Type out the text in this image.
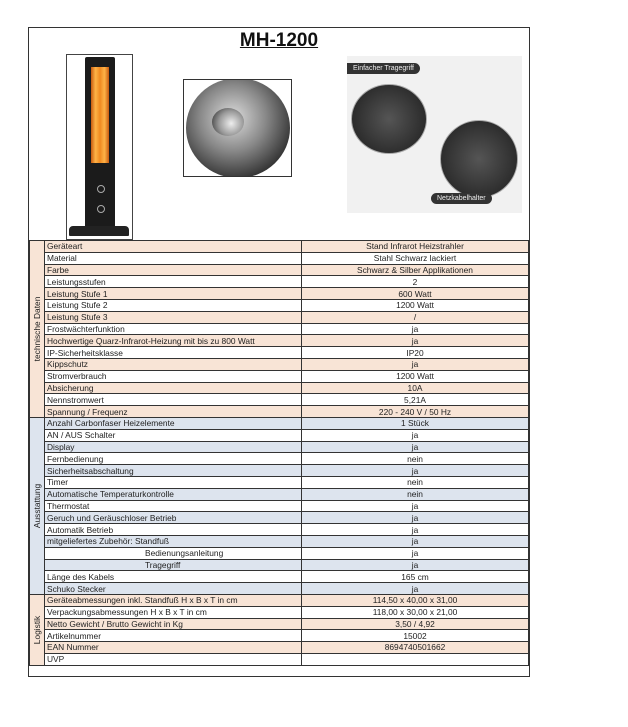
MH-1200
Einfacher Tragegriff
Netzkabelhalter
technische Daten	Geräteart	Stand Infrarot Heizstrahler
	Material	Stahl Schwarz lackiert
	Farbe	Schwarz & Silber Applikationen
	Leistungsstufen	2
	Leistung Stufe 1	600 Watt
	Leistung Stufe 2	1200 Watt
	Leistung Stufe 3	/
	Frostwächterfunktion	ja
	Hochwertige Quarz-Infrarot-Heizung mit bis zu 800 Watt	ja
	IP-Sicherheitsklasse	IP20
	Kippschutz	ja
	Stromverbrauch	1200 Watt
	Absicherung	10A
	Nennstromwert	5,21A
	Spannung / Frequenz	220 - 240 V / 50 Hz

Ausstattung	Anzahl Carbonfaser Heizelemente	1 Stück
	AN / AUS Schalter	ja
	Display	ja
	Fernbedienung	nein
	Sicherheitsabschaltung	ja
	Timer	nein
	Automatische Temperaturkontrolle	nein
	Thermostat	ja
	Geruch und Geräuschloser Betrieb	ja
	Automatik Betrieb	ja
	mitgeliefertes Zubehör: Standfuß	ja
	Bedienungsanleitung	ja
	Tragegriff	ja
	Länge des Kabels	165 cm
	Schuko Stecker	ja

Logistik	Geräteabmessungen inkl. Standfuß H x B x T in cm	114,50 x 40,00 x 31,00
	Verpackungsabmessungen H x B x T in cm	118,00 x 30,00 x 21,00
	Netto Gewicht / Brutto Gewicht in Kg	3,50 / 4,92
	Artikelnummer	15002
	EAN Nummer	8694740501662
	UVP	
